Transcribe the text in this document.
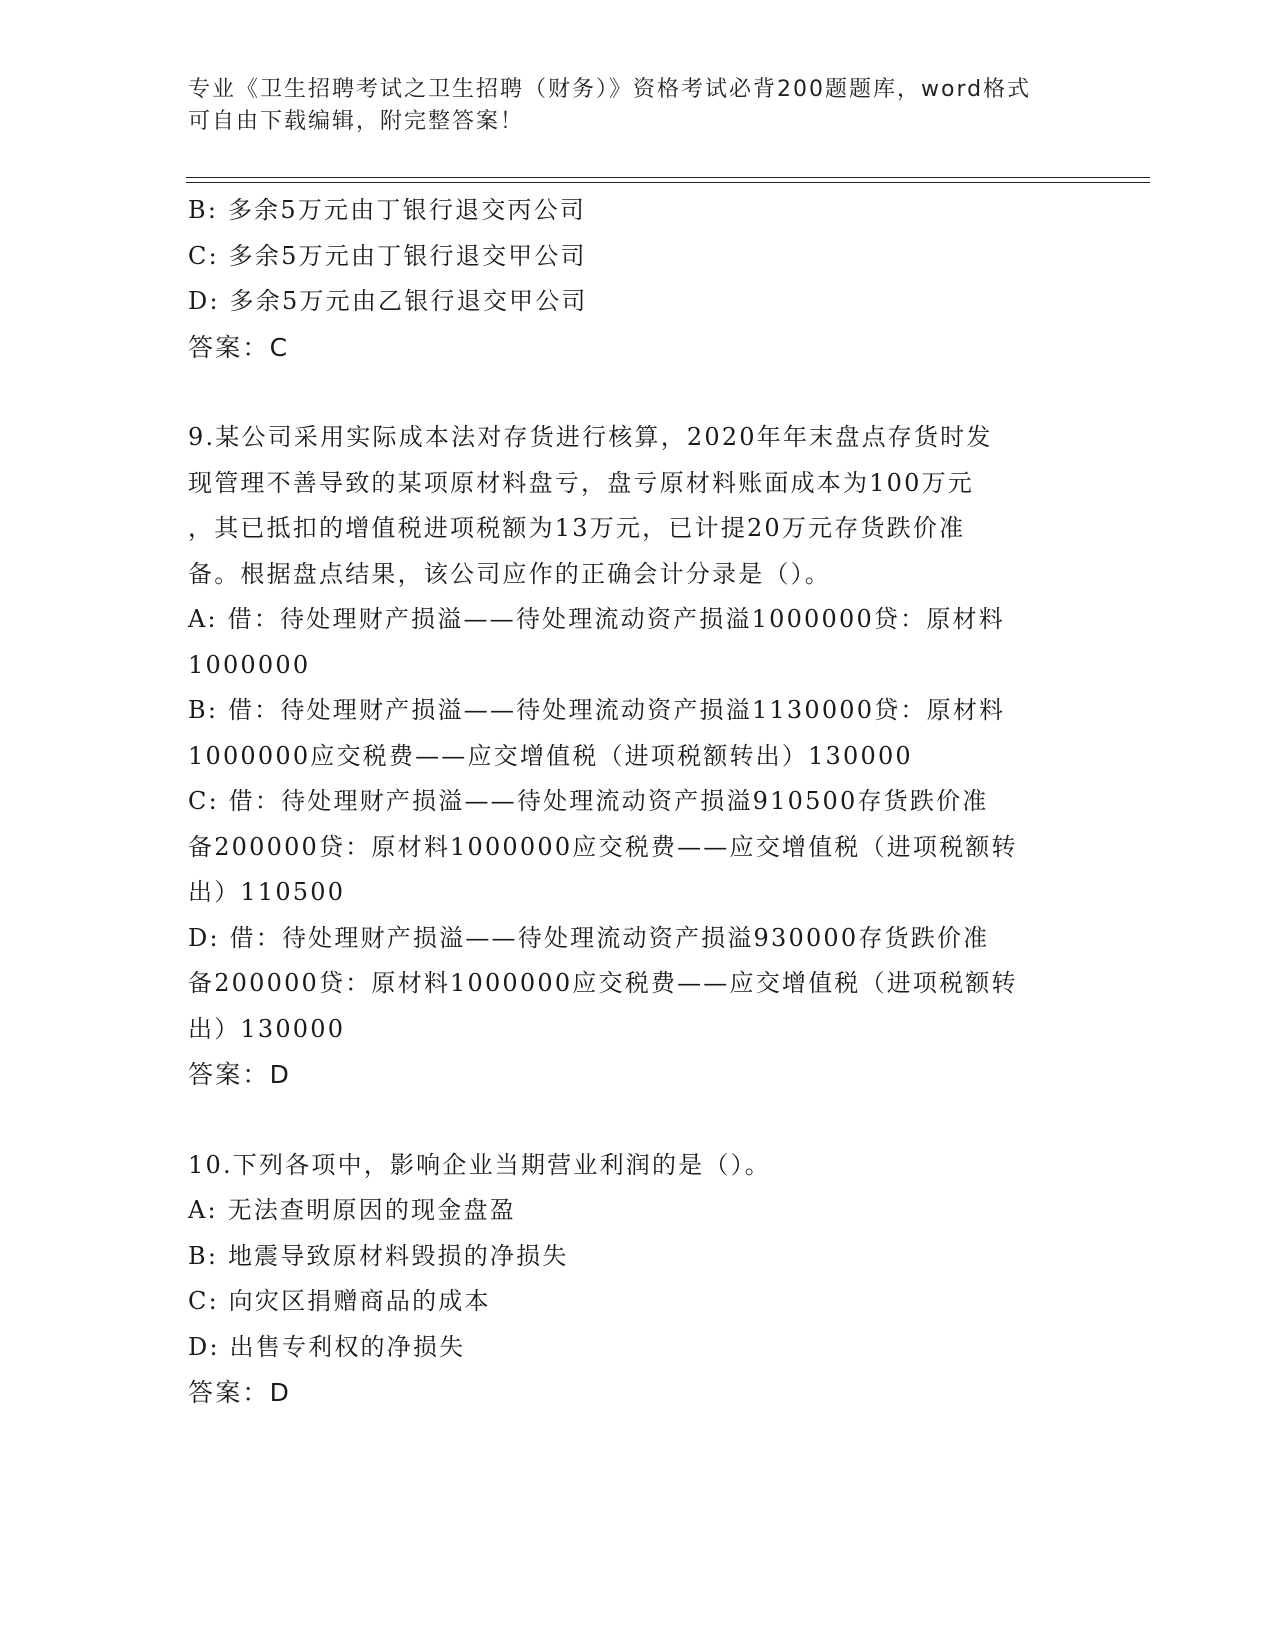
专业《卫生招聘考试之卫生招聘（财务）》资格考试必背200题题库，word格式
可自由下载编辑，附完整答案！
B: 多余5万元由丁银行退交丙公司
C: 多余5万元由丁银行退交甲公司
D: 多余5万元由乙银行退交甲公司
答案：C
9.某公司采用实际成本法对存货进行核算，2020年年末盘点存货时发
现管理不善导致的某项原材料盘亏，盘亏原材料账面成本为100万元
，其已抵扣的增值税进项税额为13万元，已计提20万元存货跌价准
备。根据盘点结果，该公司应作的正确会计分录是（）。
A: 借：待处理财产损溢——待处理流动资产损溢1000000贷：原材料
1000000
B: 借：待处理财产损溢——待处理流动资产损溢1130000贷：原材料
1000000应交税费——应交增值税（进项税额转出）130000
C: 借：待处理财产损溢——待处理流动资产损溢910500存货跌价准
备200000贷：原材料1000000应交税费——应交增值税（进项税额转
出）110500
D: 借：待处理财产损溢——待处理流动资产损溢930000存货跌价准
备200000贷：原材料1000000应交税费——应交增值税（进项税额转
出）130000
答案：D
10.下列各项中，影响企业当期营业利润的是（）。
A: 无法查明原因的现金盘盈
B: 地震导致原材料毁损的净损失
C: 向灾区捐赠商品的成本
D: 出售专利权的净损失
答案：D
